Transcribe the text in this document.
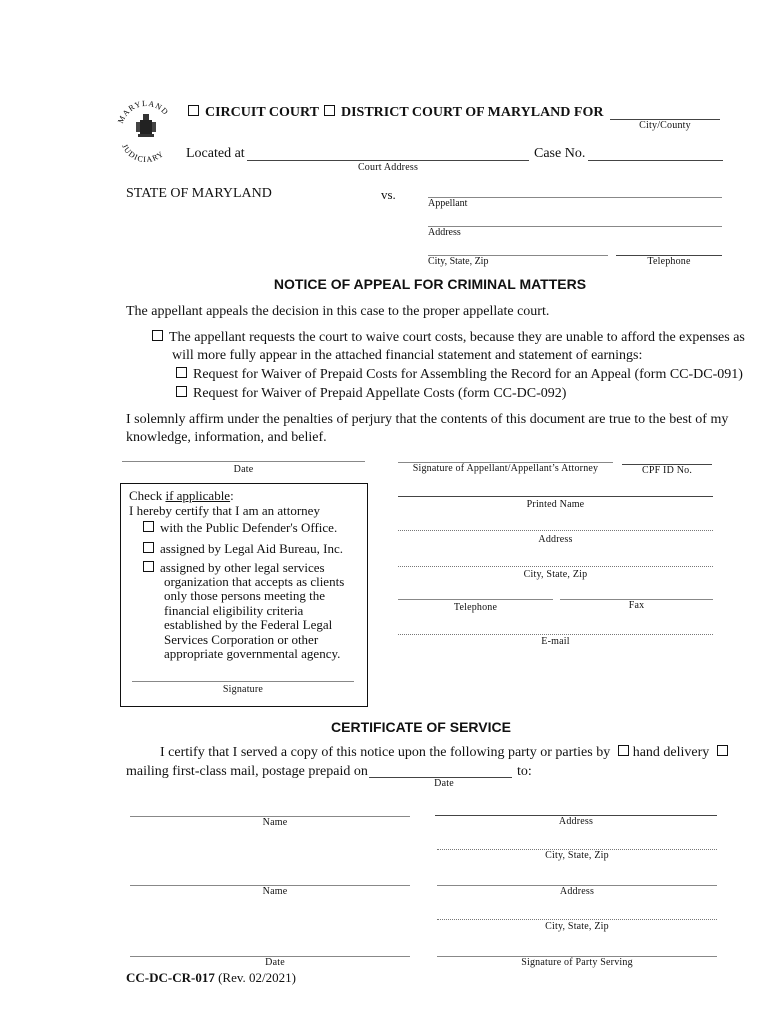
MARYLAND
JUDICIARY
CIRCUIT COURT	DISTRICT COURT OF MARYLAND FOR
City/County
Located at
Court Address
Case No.
STATE OF MARYLAND	vs.
Appellant
Address
City, State, Zip	Telephone
NOTICE OF APPEAL FOR CRIMINAL MATTERS
The appellant appeals the decision in this case to the proper appellate court.
The appellant requests the court to waive court costs, because they are unable to afford the expenses as
will more fully appear in the attached financial statement and statement of earnings:
Request for Waiver of Prepaid Costs for Assembling the Record for an Appeal (form CC-DC-091)
Request for Waiver of Prepaid Appellate Costs (form CC-DC-092)
I solemnly affirm under the penalties of perjury that the contents of this document are true to the best of my
knowledge, information, and belief.
Date	Signature of Appellant/Appellant’s Attorney	CPF ID No.
Printed Name
Address
City, State, Zip
Telephone	Fax
E-mail
Check if applicable:
I hereby certify that I am an attorney
with the Public Defender's Office.
assigned by Legal Aid Bureau, Inc.
assigned by other legal services
organization that accepts as clients
only those persons meeting the
financial eligibility criteria
established by the Federal Legal
Services Corporation or other
appropriate governmental agency.
Signature
CERTIFICATE OF SERVICE
I certify that I served a copy of this notice upon the following party or parties by hand delivery
mailing first-class mail, postage prepaid on	to:
Date
Name	Address
City, State, Zip
Name	Address
City, State, Zip
Date	Signature of Party Serving
CC-DC-CR-017 (Rev. 02/2021)
